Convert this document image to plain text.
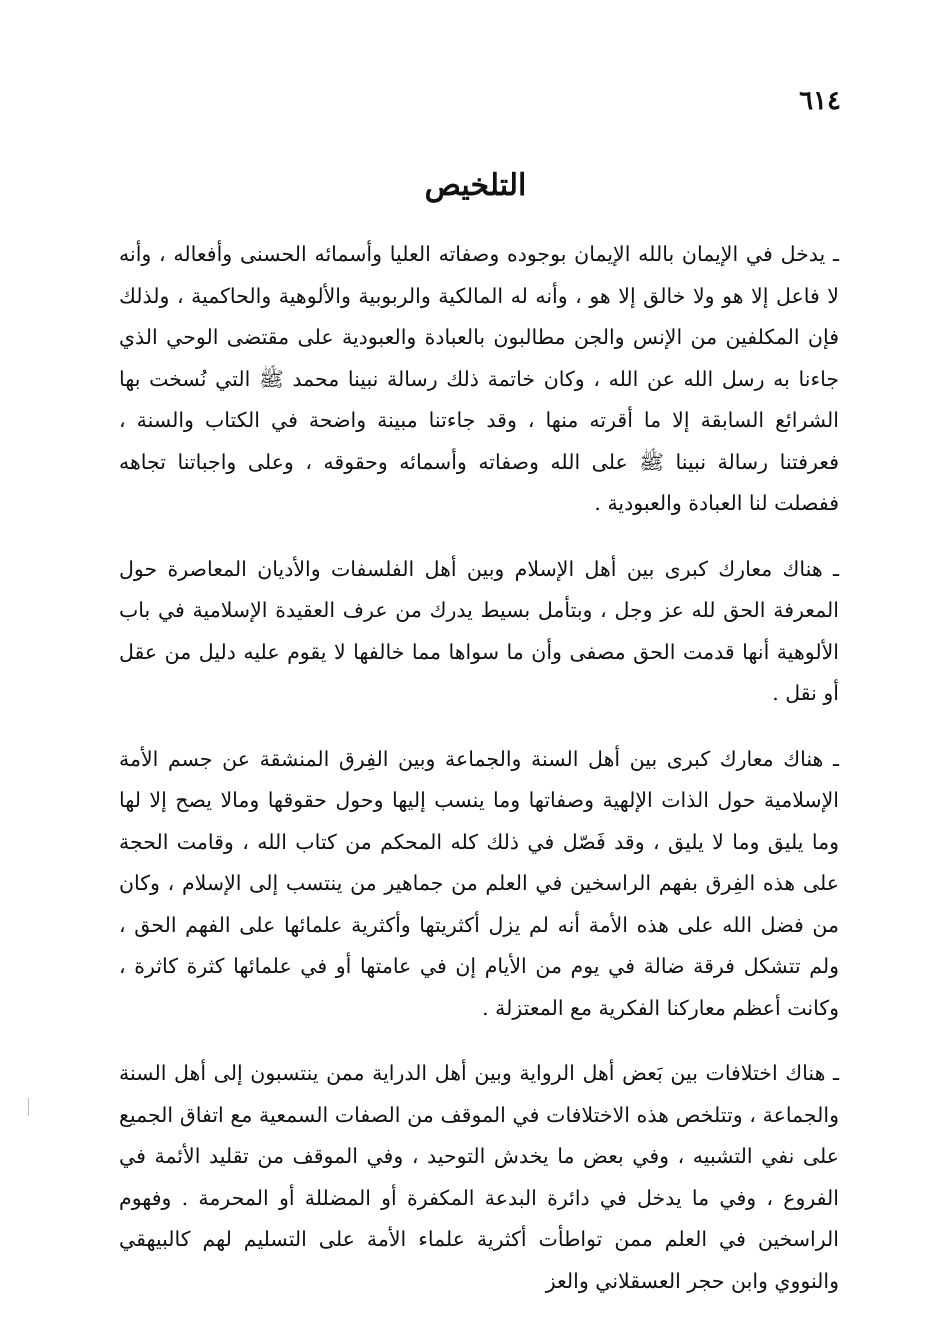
٦١٤
التلخيص

ـ يدخل في الإيمان بالله الإيمان بوجوده وصفاته العليا وأسمائه الحسنى وأفعاله ، وأنه لا فاعل إلا هو ولا خالق إلا هو ، وأنه له المالكية والربوبية والألوهية والحاكمية ، ولذلك فإن المكلفين من الإنس والجن مطالبون بالعبادة والعبودية على مقتضى الوحي الذي جاءنا به رسل الله عن الله ، وكان خاتمة ذلك رسالة نبينا محمد ﷺ التي نُسخت بها الشرائع السابقة إلا ما أقرته منها ، وقد جاءتنا مبينة واضحة في الكتاب والسنة ، فعرفتنا رسالة نبينا ﷺ على الله وصفاته وأسمائه وحقوقه ، وعلى واجباتنا تجاهه ففصلت لنا العبادة والعبودية .

ـ هناك معارك كبرى بين أهل الإسلام وبين أهل الفلسفات والأديان المعاصرة حول المعرفة الحق لله عز وجل ، وبتأمل بسيط يدرك من عرف العقيدة الإسلامية في باب الألوهية أنها قدمت الحق مصفى وأن ما سواها مما خالفها لا يقوم عليه دليل من عقل أو نقل .

ـ هناك معارك كبرى بين أهل السنة والجماعة وبين الفِرق المنشقة عن جسم الأمة الإسلامية حول الذات الإلهية وصفاتها وما ينسب إليها وحول حقوقها ومالا يصح إلا لها وما يليق وما لا يليق ، وقد فَصّل في ذلك كله المحكم من كتاب الله ، وقامت الحجة على هذه الفِرق بفهم الراسخين في العلم من جماهير من ينتسب إلى الإسلام ، وكان من فضل الله على هذه الأمة أنه لم يزل أكثريتها وأكثرية علمائها على الفهم الحق ، ولم تتشكل فرقة ضالة في يوم من الأيام إن في عامتها أو في علمائها كثرة كاثرة ، وكانت أعظم معاركنا الفكرية مع المعتزلة .

ـ هناك اختلافات بين بَعض أهل الرواية وبين أهل الدراية ممن ينتسبون إلى أهل السنة والجماعة ، وتتلخص هذه الاختلافات في الموقف من الصفات السمعية مع اتفاق الجميع على نفي التشبيه ، وفي بعض ما يخدش التوحيد ، وفي الموقف من تقليد الأئمة في الفروع ، وفي ما يدخل في دائرة البدعة المكفرة أو المضللة أو المحرمة . وفهوم الراسخين في العلم ممن تواطأت أكثرية علماء الأمة على التسليم لهم كالبيهقي والنووي وابن حجر العسقلاني والعز
